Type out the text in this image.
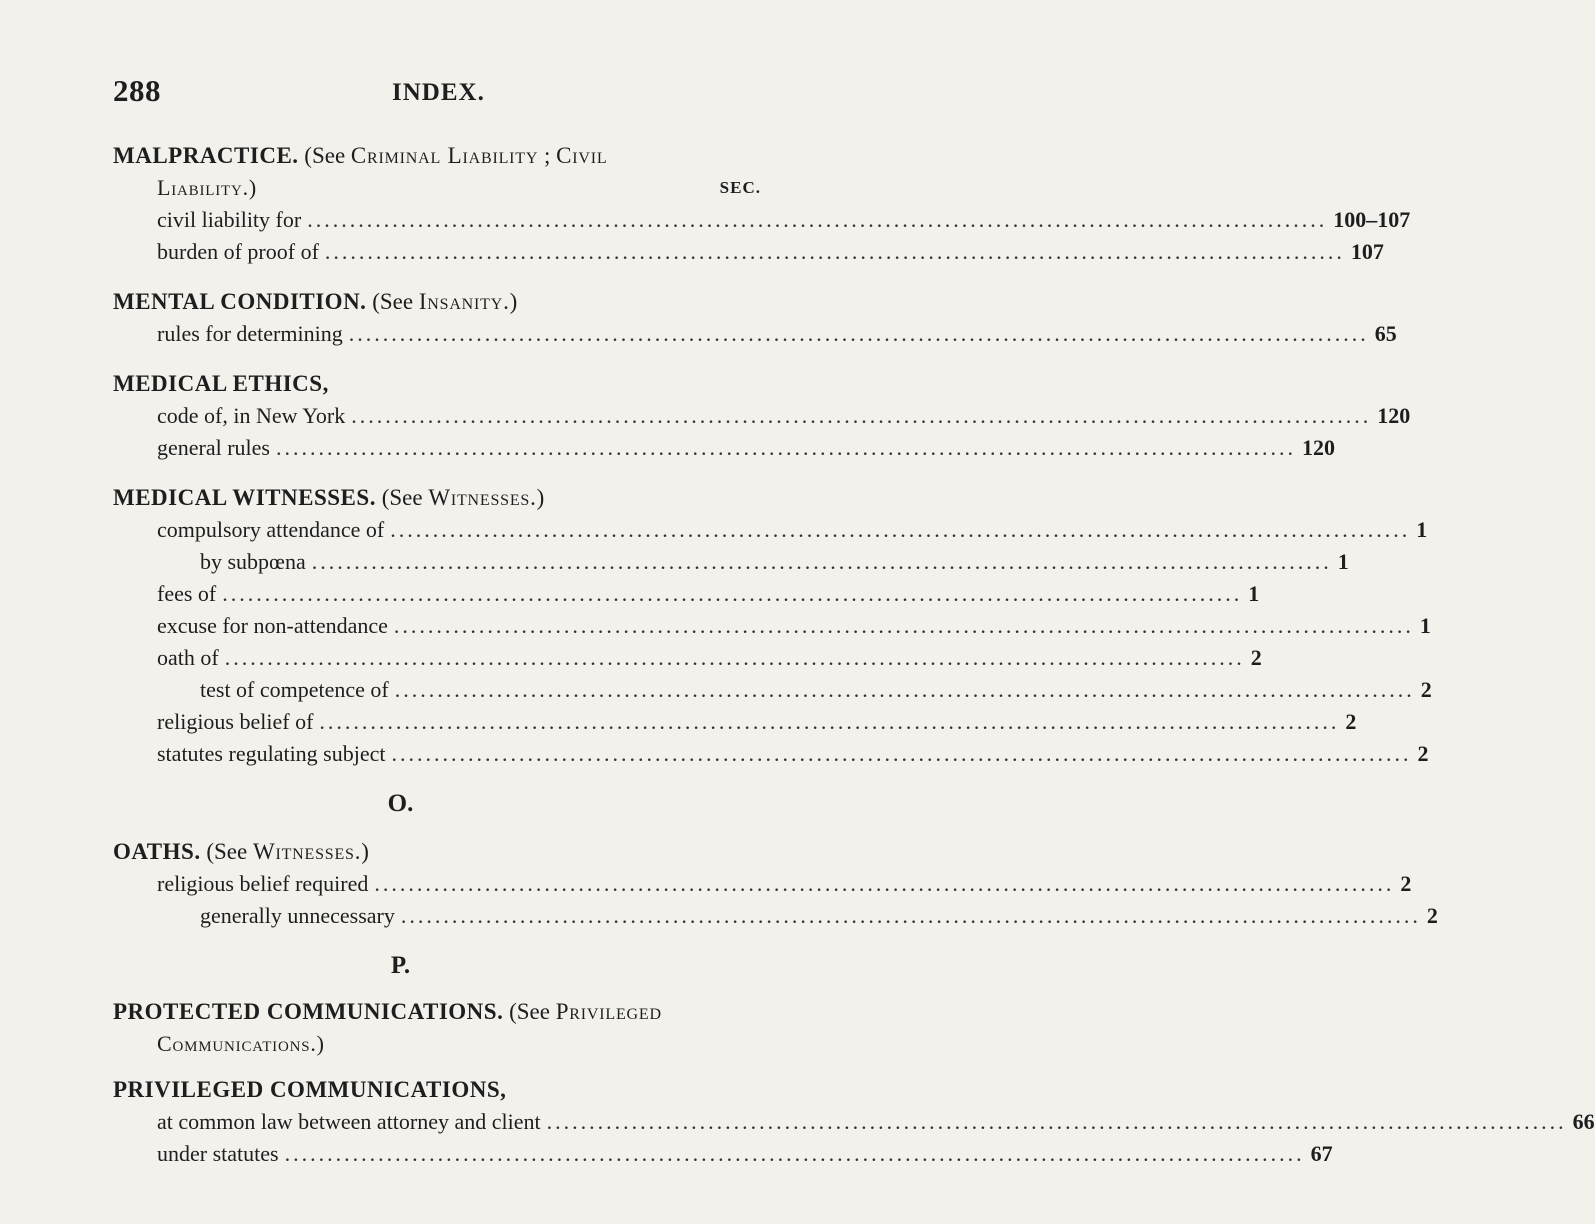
288	INDEX.
MALPRACTICE. (See Criminal Liability ; Civil
Liability.)	SEC.
civil liability for ........................................................................................................................ 100–107
burden of proof of ........................................................................................................................ 107
MENTAL CONDITION. (See Insanity.)
rules for determining ........................................................................................................................ 65
MEDICAL ETHICS,
code of, in New York ........................................................................................................................ 120
general rules ........................................................................................................................ 120
MEDICAL WITNESSES. (See Witnesses.)
compulsory attendance of ........................................................................................................................ 1
by subpœna ........................................................................................................................ 1
fees of ........................................................................................................................ 1
excuse for non-attendance ........................................................................................................................ 1
oath of ........................................................................................................................ 2
test of competence of ........................................................................................................................ 2
religious belief of ........................................................................................................................ 2
statutes regulating subject ........................................................................................................................ 2
O.
OATHS. (See Witnesses.)
religious belief required ........................................................................................................................ 2
generally unnecessary ........................................................................................................................ 2
P.
PROTECTED COMMUNICATIONS. (See Privileged
Communications.)
PRIVILEGED COMMUNICATIONS,
at common law between attorney and client ........................................................................................................................ 66
under statutes ........................................................................................................................ 67
